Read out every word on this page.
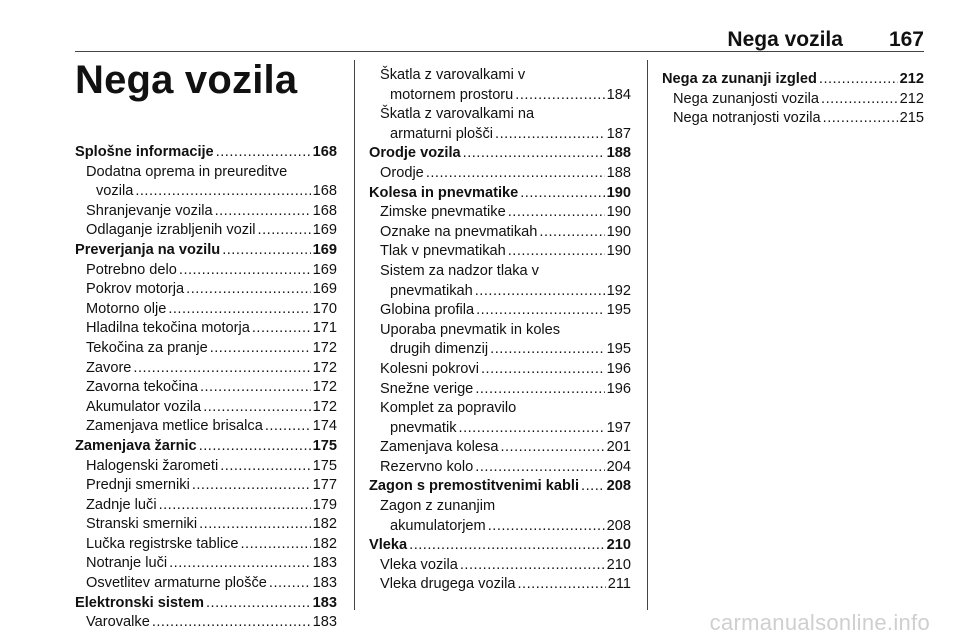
Nega vozila 167
Nega vozila
Splošne informacije .....	168
Dodatna oprema in preureditve
vozila .....	168
Shranjevanje vozila .....	168
Odlaganje izrabljenih vozil .....	169
Preverjanja na vozilu .....	169
Potrebno delo .....	169
Pokrov motorja .....	169
Motorno olje .....	170
Hladilna tekočina motorja .....	171
Tekočina za pranje .....	172
Zavore .....	172
Zavorna tekočina .....	172
Akumulator vozila .....	172
Zamenjava metlice brisalca .....	174
Zamenjava žarnic .....	175
Halogenski žarometi .....	175
Prednji smerniki .....	177
Zadnje luči .....	179
Stranski smerniki .....	182
Lučka registrske tablice .....	182
Notranje luči .....	183
Osvetlitev armaturne plošče .....	183
Elektronski sistem .....	183
Varovalke .....	183
Škatla z varovalkami v
motornem prostoru .....	184
Škatla z varovalkami na
armaturni plošči .....	187
Orodje vozila .....	188
Orodje .....	188
Kolesa in pnevmatike .....	190
Zimske pnevmatike .....	190
Oznake na pnevmatikah .....	190
Tlak v pnevmatikah .....	190
Sistem za nadzor tlaka v
pnevmatikah .....	192
Globina profila .....	195
Uporaba pnevmatik in koles
drugih dimenzij .....	195
Kolesni pokrovi .....	196
Snežne verige .....	196
Komplet za popravilo
pnevmatik .....	197
Zamenjava kolesa .....	201
Rezervno kolo .....	204
Zagon s premostitvenimi kabli ..... 208
Zagon z zunanjim
akumulatorjem .....	208
Vleka .....	210
Vleka vozila .....	210
Vleka drugega vozila .....	211
Nega za zunanji izgled .....	212
Nega zunanjosti vozila .....	212
Nega notranjosti vozila .....	215
carmanualsonline.info
